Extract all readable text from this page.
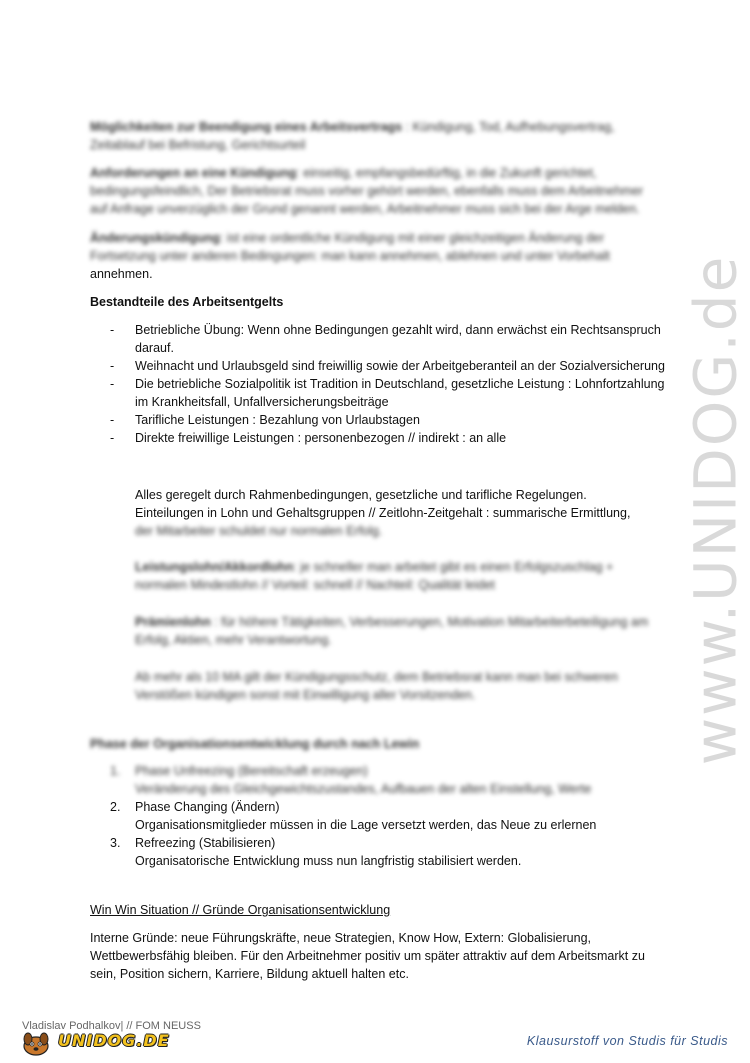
Möglichkeiten zur Beendigung eines Arbeitsvertrags : Kündigung, Tod, Aufhebungsvertrag, Zeitablauf bei Befristung, Gerichtsurteil
Anforderungen an eine Kündigung: einseitig, empfangsbedürftig, in die Zukunft gerichtet, bedingungsfeindlich, Der Betriebsrat muss vorher gehört werden, ebenfalls muss dem Arbeitnehmer auf Anfrage unverzüglich der Grund genannt werden, Arbeitnehmer muss sich bei der Arge melden.
Änderungskündigung: ist eine ordentliche Kündigung mit einer gleichzeitigen Änderung der Fortsetzung unter anderen Bedingungen: man kann annehmen, ablehnen und unter Vorbehalt
annehmen.
Bestandteile des Arbeitsentgelts
- Betriebliche Übung: Wenn ohne Bedingungen gezahlt wird, dann erwächst ein Rechtsanspruch darauf.
- Weihnacht und Urlaubsgeld sind freiwillig sowie der Arbeitgeberanteil an der Sozialversicherung
- Die betriebliche Sozialpolitik ist Tradition in Deutschland, gesetzliche Leistung : Lohnfortzahlung im Krankheitsfall, Unfallversicherungsbeiträge
- Tarifliche Leistungen : Bezahlung von Urlaubstagen
- Direkte freiwillige Leistungen : personenbezogen // indirekt : an alle
Alles geregelt durch Rahmenbedingungen, gesetzliche und tarifliche Regelungen.
Einteilungen in Lohn und Gehaltsgruppen // Zeitlohn-Zeitgehalt : summarische Ermittlung,
der Mitarbeiter schuldet nur normalen Erfolg.
Leistungslohn/Akkordlohn: je schneller man arbeitet gibt es einen Erfolgszuschlag + normalen Mindestlohn // Vorteil: schnell // Nachteil: Qualität leidet
Prämienlohn : für höhere Tätigkeiten, Verbesserungen, Motivation Mitarbeiterbeteiligung am Erfolg, Aktien, mehr Verantwortung.
Ab mehr als 10 MA gilt der Kündigungsschutz, dem Betriebsrat kann man bei schweren Verstößen kündigen sonst mit Einwilligung aller Vorsitzenden.
Phase der Organisationsentwicklung durch nach Lewin
1. Phase Unfreezing (Bereitschaft erzeugen)
Veränderung des Gleichgewichtszustandes, Aufbauen der alten Einstellung, Werte
2. Phase Changing (Ändern)
Organisationsmitglieder müssen in die Lage versetzt werden, das Neue zu erlernen
3. Refreezing (Stabilisieren)
Organisatorische Entwicklung muss nun langfristig stabilisiert werden.
Win Win Situation // Gründe Organisationsentwicklung
Interne Gründe: neue Führungskräfte, neue Strategien, Know How, Extern: Globalisierung, Wettbewerbsfähig bleiben. Für den Arbeitnehmer positiv um später attraktiv auf dem Arbeitsmarkt zu sein, Position sichern, Karriere, Bildung aktuell halten etc.
www.UNIDOG.de
Vladislav Podhalkov| // FOM NEUSS
UNIDOG.DE	Klausurstoff von Studis für Studis
